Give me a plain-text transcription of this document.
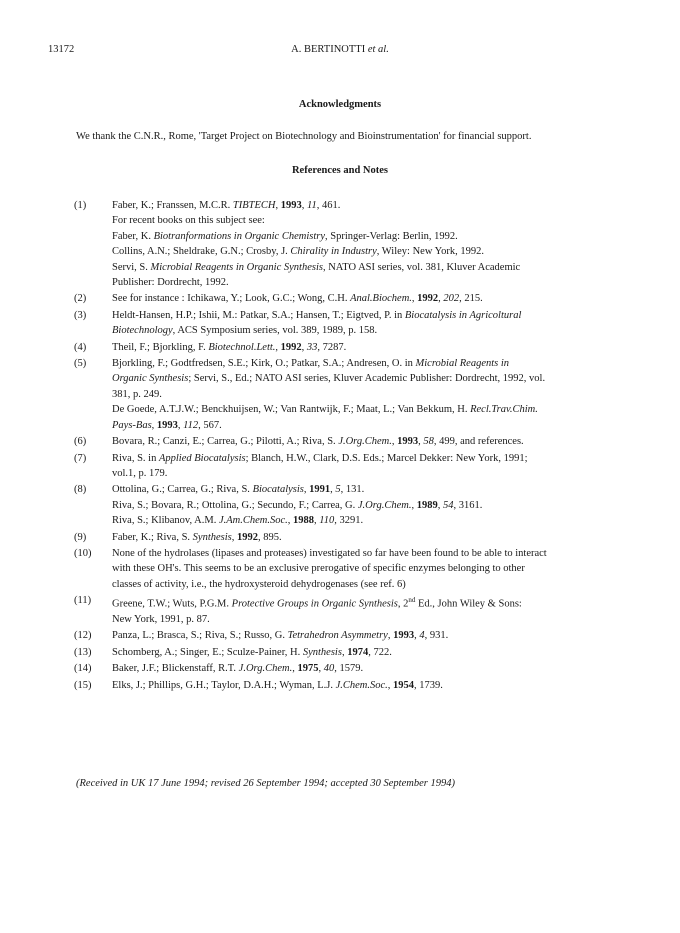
13172	A. BERTINOTTI et al.
Acknowledgments
We thank the C.N.R., Rome, 'Target Project on Biotechnology and Bioinstrumentation' for financial support.
References and Notes
(1)	Faber, K.; Franssen, M.C.R. TIBTECH, 1993, 11, 461.
For recent books on this subject see:
Faber, K. Biotranformations in Organic Chemistry, Springer-Verlag: Berlin, 1992.
Collins, A.N.; Sheldrake, G.N.; Crosby, J. Chirality in Industry, Wiley: New York, 1992.
Servi, S. Microbial Reagents in Organic Synthesis, NATO ASI series, vol. 381, Kluver Academic
Publisher: Dordrecht, 1992.
(2)	See for instance : Ichikawa, Y.; Look, G.C.; Wong, C.H. Anal.Biochem., 1992, 202, 215.
(3)	Heldt-Hansen, H.P.; Ishii, M.: Patkar, S.A.; Hansen, T.; Eigtved, P. in Biocatalysis in Agricoltural
Biotechnology, ACS Symposium series, vol. 389, 1989, p. 158.
(4)	Theil, F.; Bjorkling, F. Biotechnol.Lett., 1992, 33, 7287.
(5)	Bjorkling, F.; Godtfredsen, S.E.; Kirk, O.; Patkar, S.A.; Andresen, O. in Microbial Reagents in
Organic Synthesis; Servi, S., Ed.; NATO ASI series, Kluver Academic Publisher: Dordrecht, 1992, vol.
381, p. 249.
De Goede, A.T.J.W.; Benckhuijsen, W.; Van Rantwijk, F.; Maat, L.; Van Bekkum, H. Recl.Trav.Chim.
Pays-Bas, 1993, 112, 567.
(6)	Bovara, R.; Canzi, E.; Carrea, G.; Pilotti, A.; Riva, S. J.Org.Chem., 1993, 58, 499, and references.
(7)	Riva, S. in Applied Biocatalysis; Blanch, H.W., Clark, D.S. Eds.; Marcel Dekker: New York, 1991;
vol.1, p. 179.
(8)	Ottolina, G.; Carrea, G.; Riva, S. Biocatalysis, 1991, 5, 131.
Riva, S.; Bovara, R.; Ottolina, G.; Secundo, F.; Carrea, G. J.Org.Chem., 1989, 54, 3161.
Riva, S.; Klibanov, A.M. J.Am.Chem.Soc., 1988, 110, 3291.
(9)	Faber, K.; Riva, S. Synthesis, 1992, 895.
(10)	None of the hydrolases (lipases and proteases) investigated so far have been found to be able to interact
with these OH's. This seems to be an exclusive prerogative of specific enzymes belonging to other
classes of activity, i.e., the hydroxysteroid dehydrogenases (see ref. 6)
(11)	Greene, T.W.; Wuts, P.G.M. Protective Groups in Organic Synthesis, 2nd Ed., John Wiley & Sons:
New York, 1991, p. 87.
(12)	Panza, L.; Brasca, S.; Riva, S.; Russo, G. Tetrahedron Asymmetry, 1993, 4, 931.
(13)	Schomberg, A.; Singer, E.; Sculze-Painer, H. Synthesis, 1974, 722.
(14)	Baker, J.F.; Blickenstaff, R.T. J.Org.Chem., 1975, 40, 1579.
(15)	Elks, J.; Phillips, G.H.; Taylor, D.A.H.; Wyman, L.J. J.Chem.Soc., 1954, 1739.
(Received in UK 17 June 1994; revised 26 September 1994; accepted 30 September 1994)
